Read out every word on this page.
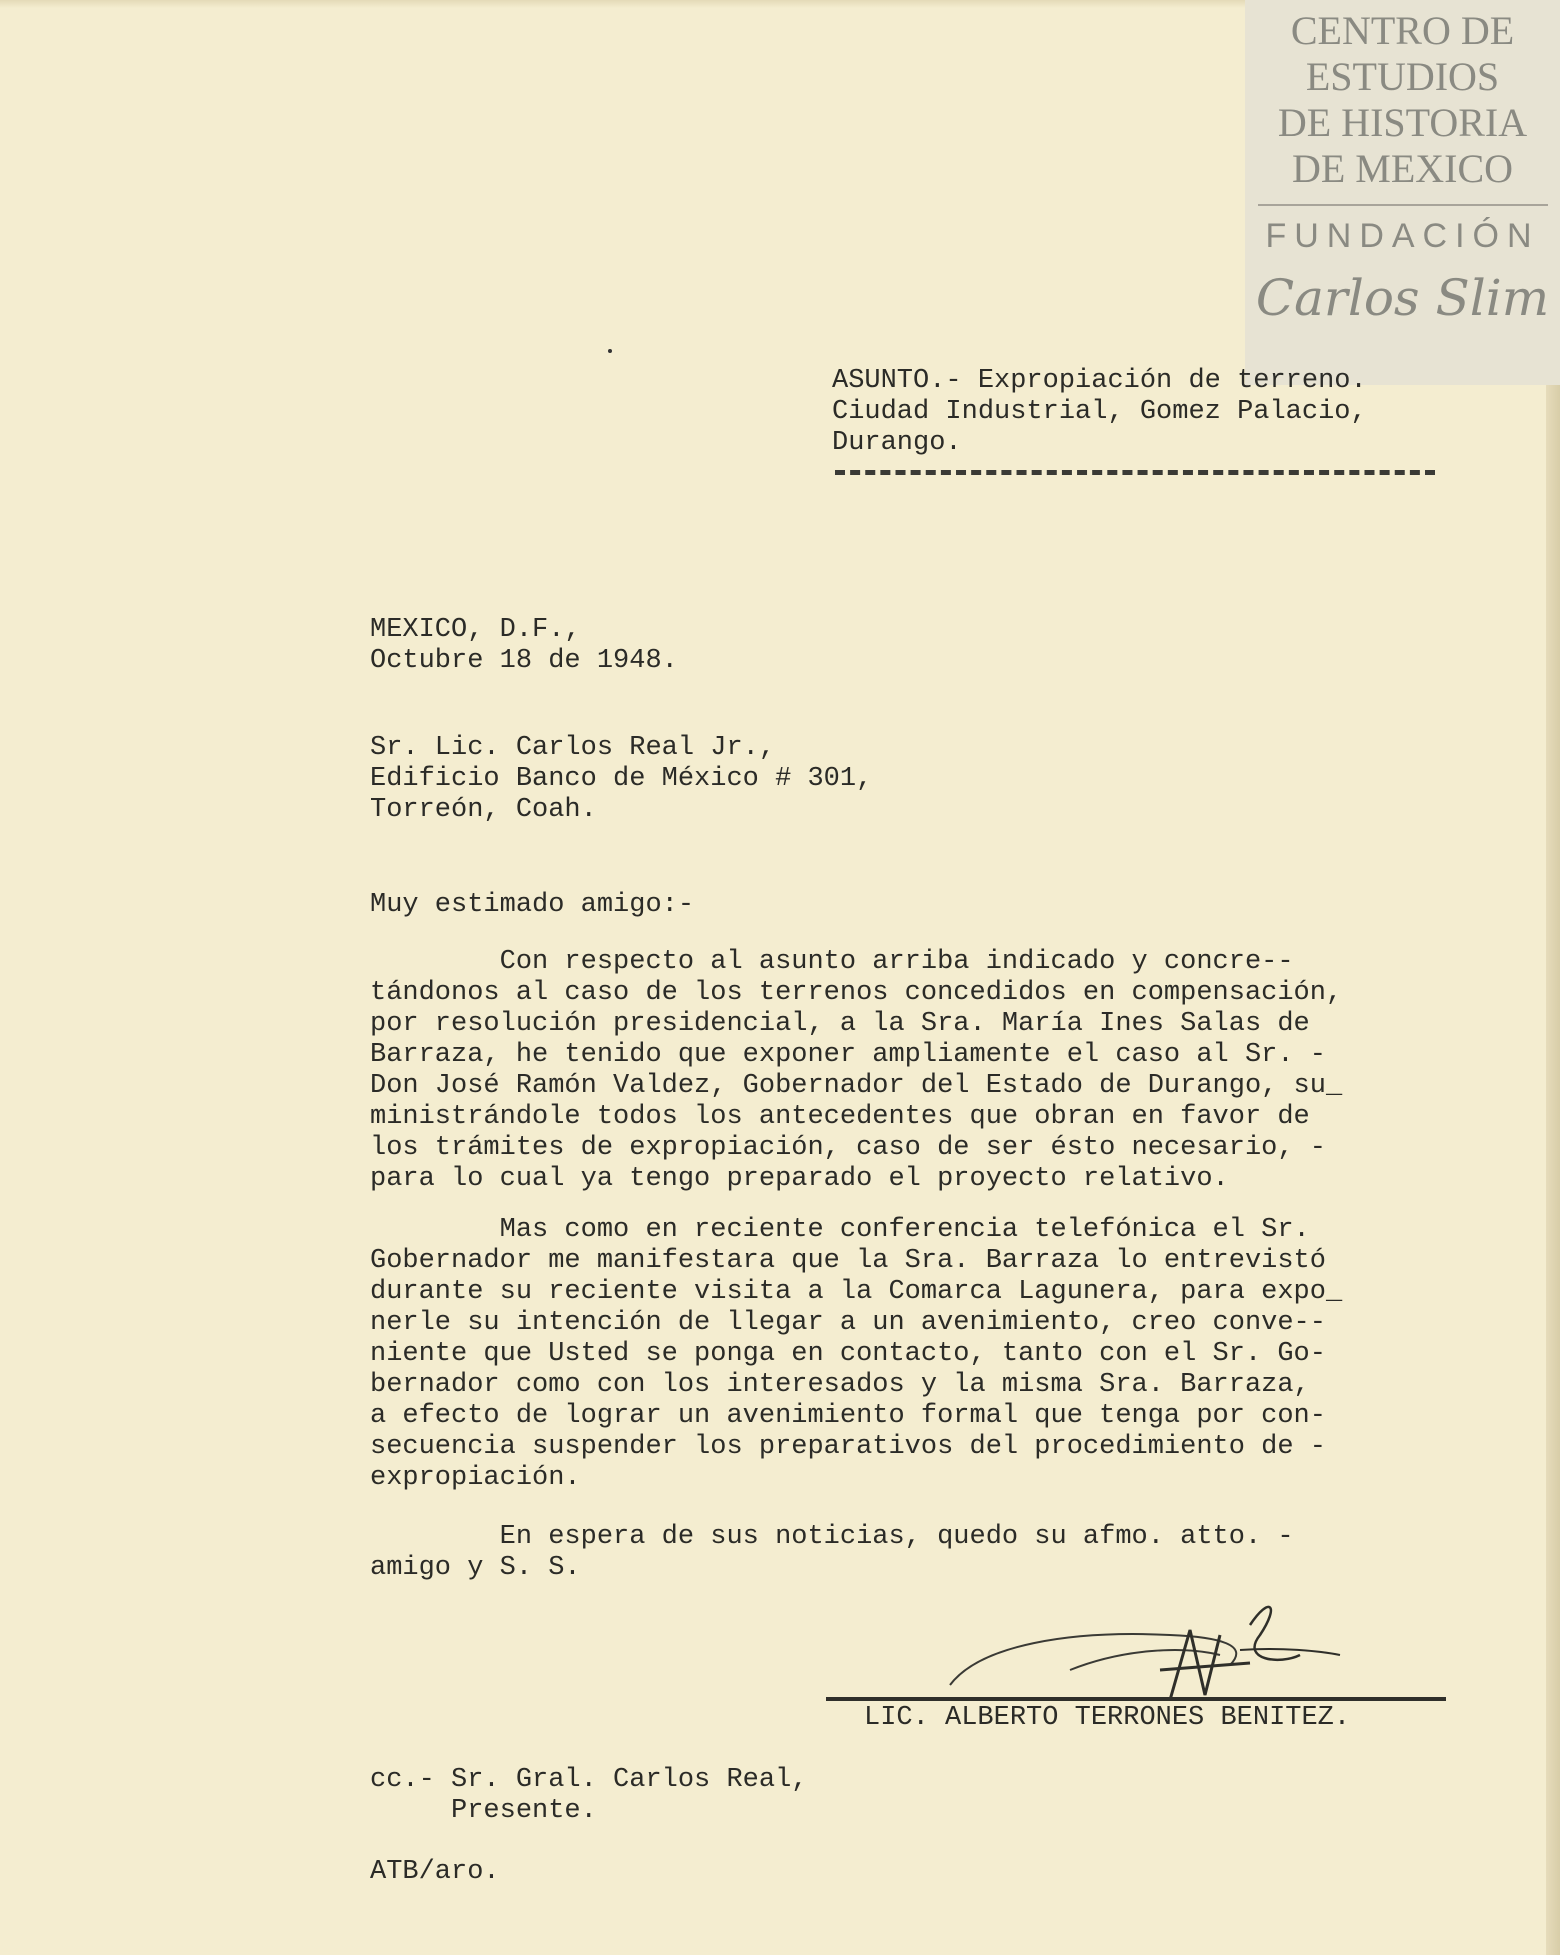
CENTRO DE
ESTUDIOS
DE HISTORIA
DE MEXICO
FUNDACIÓN
Carlos Slim
ASUNTO.- Expropiación de terreno.
Ciudad Industrial, Gomez Palacio,
Durango.
MEXICO, D.F.,
Octubre 18 de 1948.
Sr. Lic. Carlos Real Jr.,
Edificio Banco de México # 301,
Torreón, Coah.
Muy estimado amigo:-
Con respecto al asunto arriba indicado y concre--
tándonos al caso de los terrenos concedidos en compensación,
por resolución presidencial, a la Sra. María Ines Salas de
Barraza, he tenido que exponer ampliamente el caso al Sr. -
Don José Ramón Valdez, Gobernador del Estado de Durango, su_
ministrándole todos los antecedentes que obran en favor de
los trámites de expropiación, caso de ser ésto necesario, -
para lo cual ya tengo preparado el proyecto relativo.
Mas como en reciente conferencia telefónica el Sr.
Gobernador me manifestara que la Sra. Barraza lo entrevistó
durante su reciente visita a la Comarca Lagunera, para expo_
nerle su intención de llegar a un avenimiento, creo conve--
niente que Usted se ponga en contacto, tanto con el Sr. Go-
bernador como con los interesados y la misma Sra. Barraza,
a efecto de lograr un avenimiento formal que tenga por con-
secuencia suspender los preparativos del procedimiento de -
expropiación.
En espera de sus noticias, quedo su afmo. atto. -
amigo y S. S.
LIC. ALBERTO TERRONES BENITEZ.
cc.- Sr. Gral. Carlos Real,
Presente.
ATB/aro.
